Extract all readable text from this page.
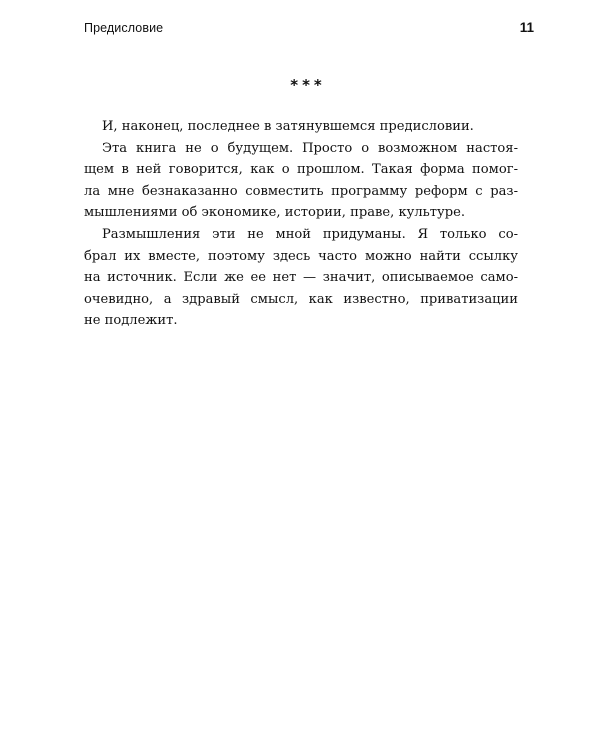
Предисловие	11
***
И, наконец, последнее в затянувшемся предисловии.
Эта книга не о будущем. Просто о возможном настоя-
щем в ней говорится, как о прошлом. Такая форма помог-
ла мне безнаказанно совместить программу реформ с раз-
мышлениями об экономике, истории, праве, культуре.
Размышления эти не мной придуманы. Я только со-
брал их вместе, поэтому здесь часто можно найти ссылку
на источник. Если же ее нет — значит, описываемое само-
очевидно, а здравый смысл, как известно, приватизации
не подлежит.
